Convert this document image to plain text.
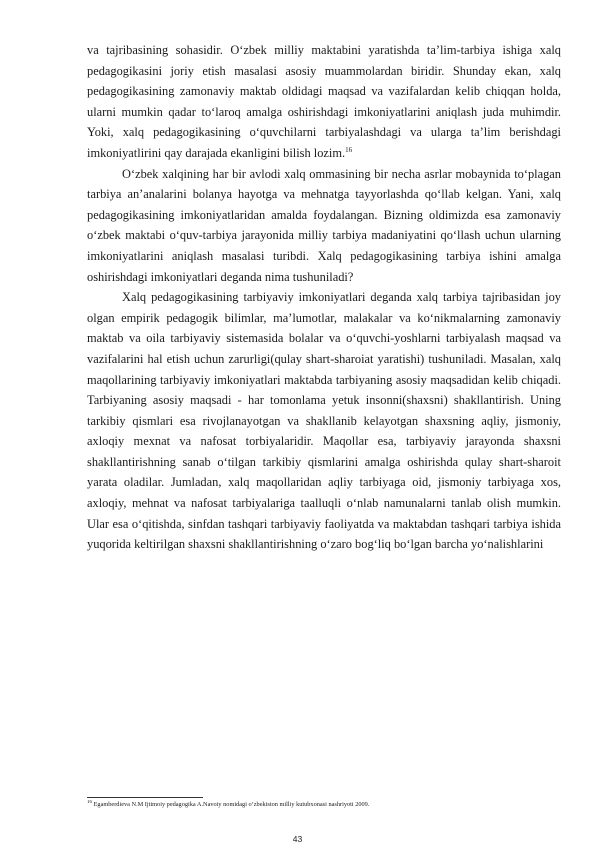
va tajribasining sohasidir. O‘zbek milliy maktabini yaratishda ta’lim-tarbiya ishiga xalq pedagogikasini joriy etish masalasi asosiy muammolardan biridir. Shunday ekan, xalq pedagogikasining zamonaviy maktab oldidagi maqsad va vazifalardan kelib chiqqan holda, ularni mumkin qadar to‘laroq amalga oshirishdagi imkoniyatlarini aniqlash juda muhimdir. Yoki, xalq pedagogikasining o‘quvchilarni tarbiyalashdagi va ularga ta’lim berishdagi imkoniyatlirini qay darajada ekanligini bilish lozim.$^{16}$

O‘zbek xalqining har bir avlodi xalq ommasining bir necha asrlar mobaynida to‘plagan tarbiya an’analarini bolanya hayotga va mehnatga tayyorlashda qo‘llab kelgan. Yani, xalq pedagogikasining imkoniyatlaridan amalda foydalangan. Bizning oldimizda esa zamonaviy o‘zbek maktabi o‘quv-tarbiya jarayonida milliy tarbiya madaniyatini qo‘llash uchun ularning imkoniyatlarini aniqlash masalasi turibdi. Xalq pedagogikasining tarbiya ishini amalga oshirishdagi imkoniyatlari deganda nima tushuniladi?

Xalq pedagogikasining tarbiyaviy imkoniyatlari deganda xalq tarbiya tajribasidan joy olgan empirik pedagogik bilimlar, ma’lumotlar, malakalar va ko‘nikmalarning zamonaviy maktab va oila tarbiyaviy sistemasida bolalar va o‘quvchi-yoshlarni tarbiyalash maqsad va vazifalarini hal etish uchun zarurligi(qulay shart-sharoiat yaratishi) tushuniladi. Masalan, xalq maqollarining tarbiyaviy imkoniyatlari maktabda tarbiyaning asosiy maqsadidan kelib chiqadi. Tarbiyaning asosiy maqsadi - har tomonlama yetuk insonni(shaxsni) shakllantirish. Uning tarkibiy qismlari esa rivojlanayotgan va shakllanib kelayotgan shaxsning aqliy, jismoniy, axloqiy mexnat va nafosat torbiyalaridir. Maqollar esa, tarbiyaviy jarayonda shaxsni shakllantirishning sanab o‘tilgan tarkibiy qismlarini amalga oshirishda qulay shart-sharoit yarata oladilar. Jumladan, xalq maqollaridan aqliy tarbiyaga oid, jismoniy tarbiyaga xos, axloqiy, mehnat va nafosat tarbiyalariga taalluqli o‘nlab namunalarni tanlab olish mumkin. Ular esa o‘qitishda, sinfdan tashqari tarbiyaviy faoliyatda va maktabdan tashqari tarbiya ishida yuqorida keltirilgan shaxsni shakllantirishning o‘zaro bog‘liq bo‘lgan barcha yo‘nalishlarini

$^{16}$ Egamberdieva N.M Ijtimoiy pedagogika A.Navoiy nomidagi o’zbekiston milliy kutubxonasi nashriyoti 2009.
43
